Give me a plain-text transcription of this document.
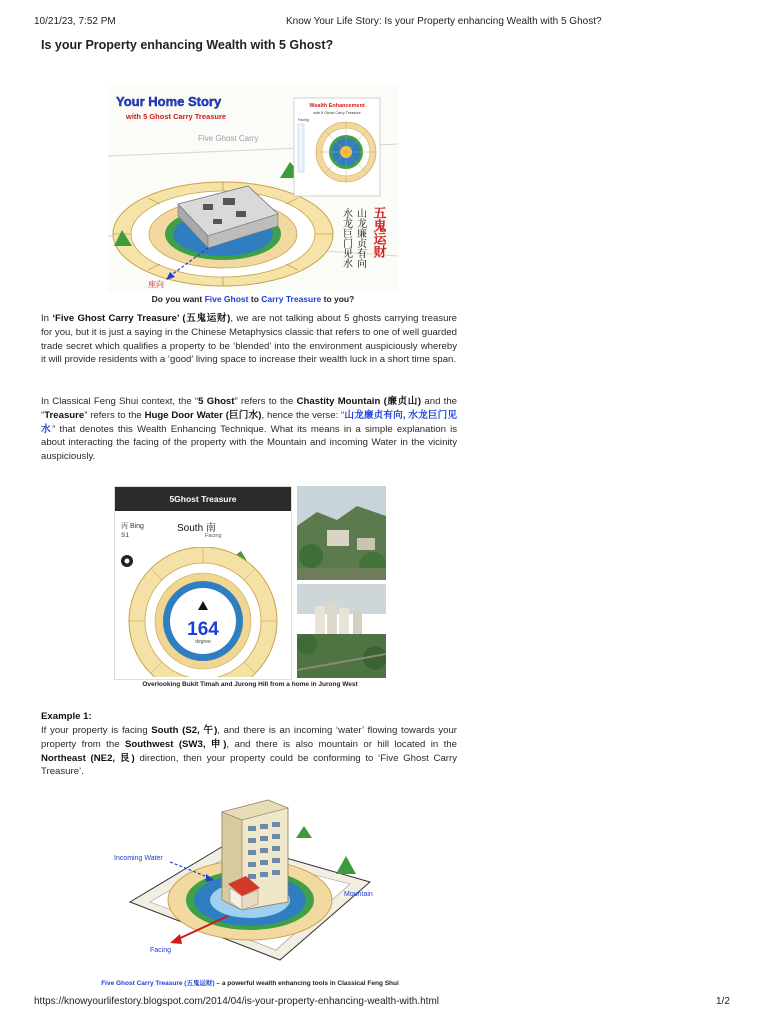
10/21/23, 7:52 PM	Know Your Life Story: Is your Property enhancing Wealth with 5 Ghost?
https://knowyourlifestory.blogspot.com/2014/04/is-your-property-enhancing-wealth-with.html	1/2
Is your Property enhancing Wealth with 5 Ghost?
Your Home Story
with 5 Ghost Carry Treasure
Five Ghost Carry
座向
Wealth Enhancement
with 5 Ghost Carry Treasure
Facing
五鬼运财
山龙廉贞有向
水龙巨门见水
Do you want Five Ghost to Carry Treasure to you?
In ‘Five Ghost Carry Treasure’ (五鬼运财), we are not talking about 5 ghosts carrying treasure for you, but it is just a saying in the Chinese Metaphysics classic that refers to one of well guarded trade secret which qualifies a property to be ‘blended’ into the environment auspiciously whereby it will provide residents with a ‘good’ living space to increase their wealth luck in a short time span.
In Classical Feng Shui context, the “5 Ghost” refers to the Chastity Mountain (廉贞山) and the “Treasure” refers to the Huge Door Water (巨门水), hence the verse: “山龙廉贞有向, 水龙巨门见水” that denotes this Wealth Enhancing Technique. What its means in a simple explanation is about interacting the facing of the property with the Mountain and incoming Water in the vicinity auspiciously.
5Ghost Treasure
丙 Bing
S1
South 南
Facing
164
degree
Overlooking Bukit Timah and Jurong Hill from a home in Jurong West
Example 1:
If your property is facing South (S2, 午), and there is an incoming ‘water’ flowing towards your property from the Southwest (SW3, 申), and there is also mountain or hill located in the Northeast (NE2, 艮) direction, then your property could be conforming to ‘Five Ghost Carry Treasure’.
Incoming Water
Mountain
Facing
Five Ghost Carry Treasure (五鬼运财) – a powerful wealth enhancing tools in Classical Feng Shui
